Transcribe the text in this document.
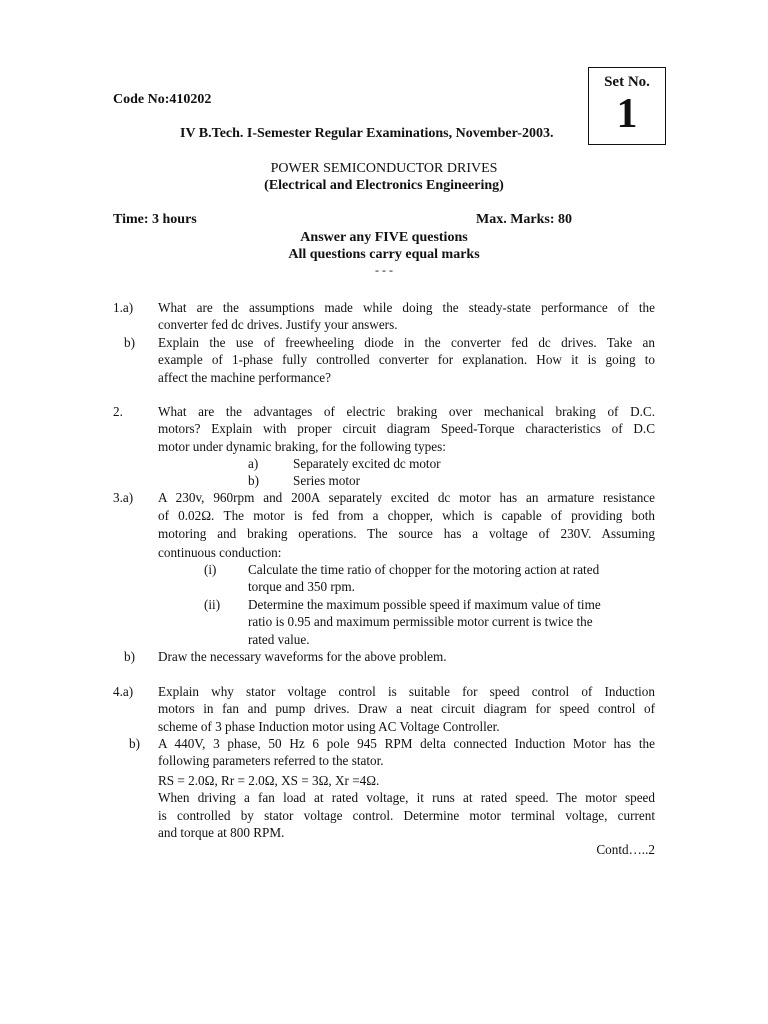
Code No:410202
IV B.Tech. I-Semester Regular Examinations, November-2003.
Set No.
1
POWER SEMICONDUCTOR DRIVES
(Electrical and Electronics Engineering)
Time: 3 hours	Max. Marks: 80
Answer any FIVE questions
All questions carry equal marks
- - -
1.a) What are the assumptions made while doing the steady-state performance of the
converter fed dc drives. Justify your answers.
b) Explain the use of freewheeling diode in the converter fed dc drives. Take an
example of 1-phase fully controlled converter for explanation. How it is going to
affect the machine performance?
2.	What are the advantages of electric braking over mechanical braking of D.C.
motors? Explain with proper circuit diagram Speed-Torque characteristics of D.C
motor under dynamic braking, for the following types:
a)	Separately excited dc motor
b)	Series motor
3.a) A 230v, 960rpm and 200A separately excited dc motor has an armature resistance
of 0.02Ω. The motor is fed from a chopper, which is capable of providing both
motoring and braking operations. The source has a voltage of 230V. Assuming
continuous conduction:
(i) Calculate the time ratio of chopper for the motoring action at rated
torque and 350 rpm.
(ii) Determine the maximum possible speed if maximum value of time
ratio is 0.95 and maximum permissible motor current is twice the
rated value.
b) Draw the necessary waveforms for the above problem.
4.a) Explain why stator voltage control is suitable for speed control of Induction
motors in fan and pump drives. Draw a neat circuit diagram for speed control of
scheme of 3 phase Induction motor using AC Voltage Controller.
b) A 440V, 3 phase, 50 Hz 6 pole 945 RPM delta connected Induction Motor has the
following parameters referred to the stator.
RS = 2.0Ω, Rr = 2.0Ω, XS = 3Ω, Xr =4Ω.
When driving a fan load at rated voltage, it runs at rated speed. The motor speed
is controlled by stator voltage control. Determine motor terminal voltage, current
and torque at 800 RPM.
Contd…..2
